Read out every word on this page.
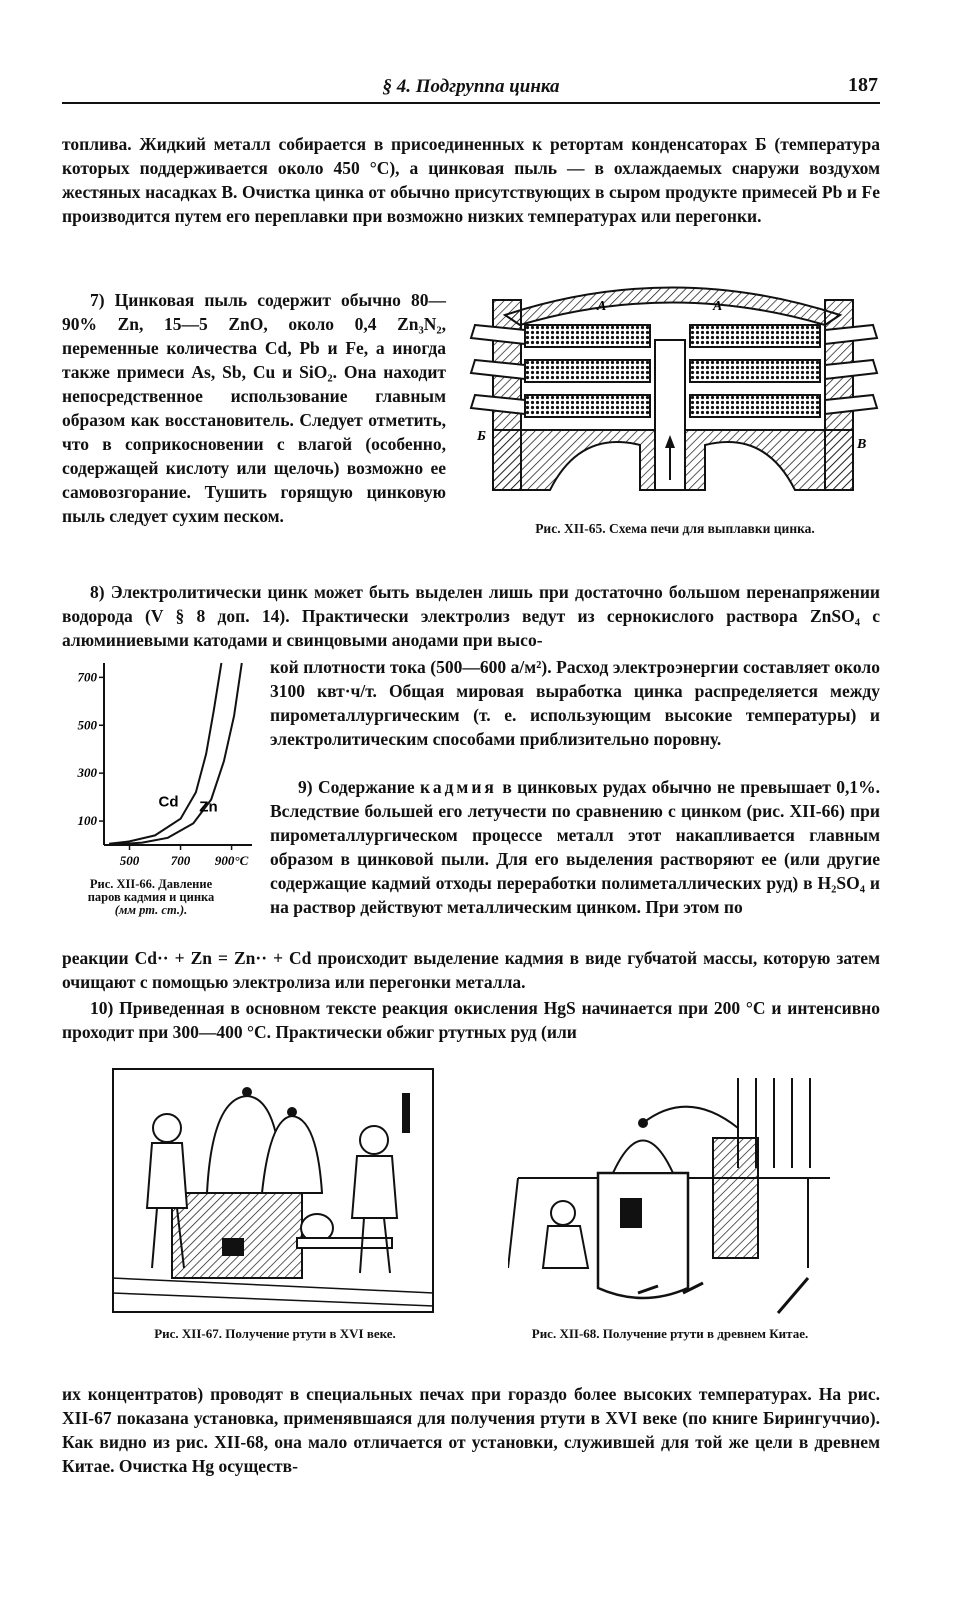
§ 4. Подгруппа цинка	187

топлива. Жидкий металл собирается в присоединенных к ретортам конденсаторах Б (температура которых поддерживается около 450 °С), а цинковая пыль — в охлаждаемых снаружи воздухом жестяных насадках В. Очистка цинка от обычно присутствующих в сыром продукте примесей Pb и Fe производится путем его переплавки при возможно низких температурах или перегонки.

7) Цинковая пыль содержит обычно 80—90% Zn, 15—5 ZnO, около 0,4 Zn₃N₂, переменные количества Cd, Pb и Fe, а иногда также примеси As, Sb, Cu и SiO₂. Она находит непосредственное использование главным образом как восстановитель. Следует отметить, что в соприкосновении с влагой (особенно, содержащей кислоту или щелочь) возможно ее самовозгорание. Тушить горящую цинковую пыль следует сухим песком.

А	А
Б
В

Рис. XII-65. Схема печи для выплавки цинка.

8) Электролитически цинк может быть выделен лишь при достаточно большом перенапряжении водорода (V § 8 доп. 14). Практически электролиз ведут из сернокислого раствора ZnSO₄ с алюминиевыми катодами и свинцовыми анодами при высо-

100
300
500
700
500 700 900°C
Cd Zn

Рис. XII-66. Давление
паров кадмия и цинка
(мм рт. ст.).

кой плотности тока (500—600 а/м²). Расход электроэнергии составляет около 3100 квт·ч/т. Общая мировая выработка цинка распределяется между пирометаллургическим (т. е. использующим высокие температуры) и электролитическим способами приблизительно поровну.

9) Содержание кадмия в цинковых рудах обычно не превышает 0,1%. Вследствие большей его летучести по сравнению с цинком (рис. XII-66) при пирометаллургическом процессе металл этот накапливается главным образом в цинковой пыли. Для его выделения растворяют ее (или другие содержащие кадмий отходы переработки полиметаллических руд) в H₂SO₄ и на раствор действуют металлическим цинком. При этом по

реакции Cd·· + Zn = Zn·· + Cd происходит выделение кадмия в виде губчатой массы, которую затем очищают с помощью электролиза или перегонки металла.

10) Приведенная в основном тексте реакция окисления HgS начинается при 200 °С и интенсивно проходит при 300—400 °С. Практически обжиг ртутных руд (или

Рис. XII-67. Получение ртути в XVI веке.	Рис. XII-68. Получение ртути в древнем Китае.

их концентратов) проводят в специальных печах при гораздо более высоких температурах. На рис. XII-67 показана установка, применявшаяся для получения ртути в XVI веке (по книге Бирингуччио). Как видно из рис. XII-68, она мало отличается от установки, служившей для той же цели в древнем Китае. Очистка Hg осуществ-
